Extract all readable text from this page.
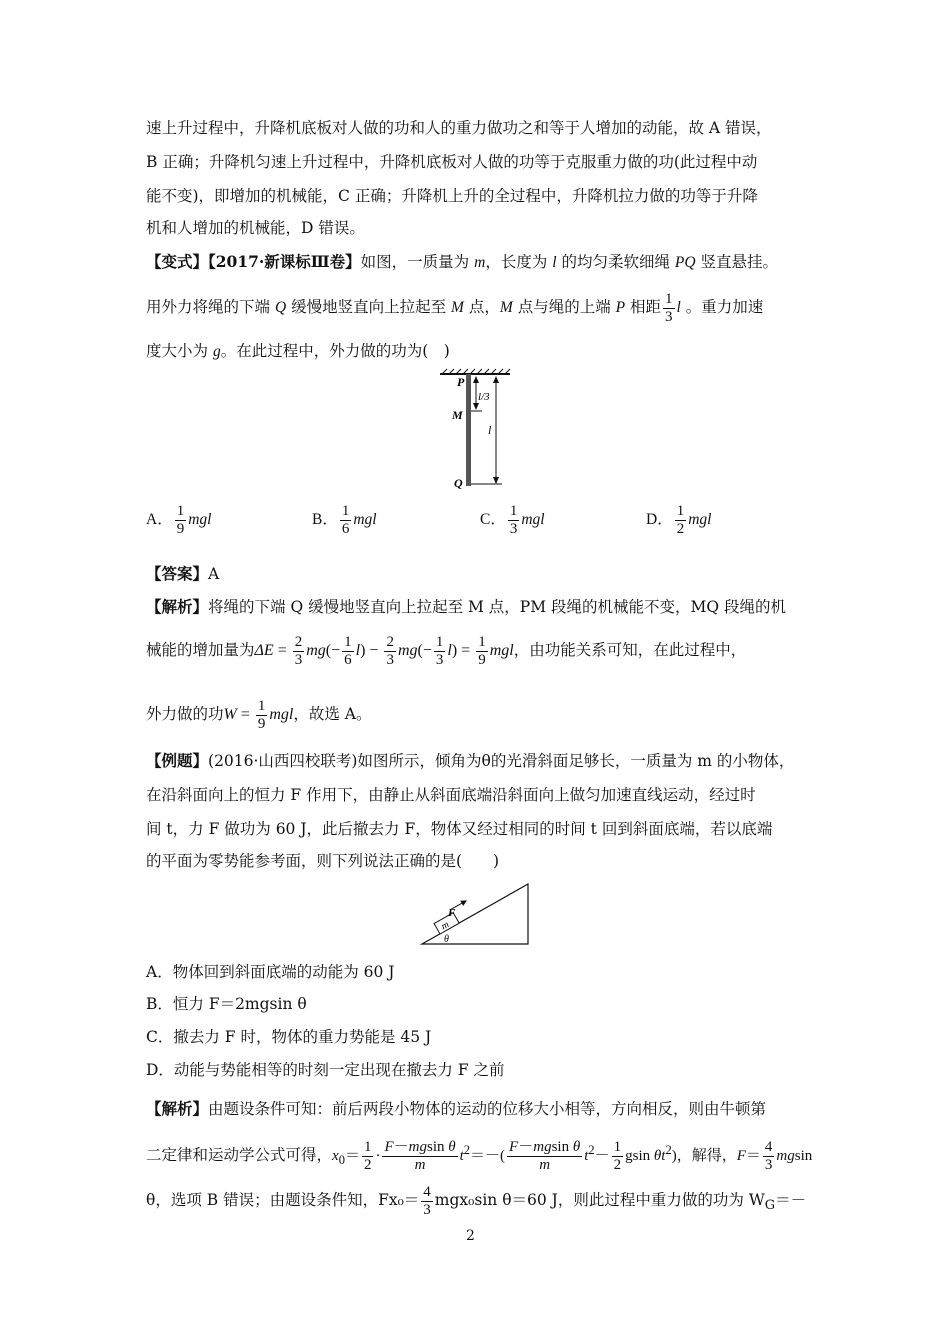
速上升过程中，升降机底板对人做的功和人的重力做功之和等于人增加的动能，故 A 错误，
B 正确；升降机匀速上升过程中，升降机底板对人做的功等于克服重力做的功(此过程中动
能不变)，即增加的机械能，C 正确；升降机上升的全过程中，升降机拉力做的功等于升降
机和人增加的机械能，D 错误。
【变式】【2017·新课标Ⅲ卷】如图，一质量为 m，长度为 l 的均匀柔软细绳 PQ 竖直悬挂。
用外力将绳的下端 Q 缓慢地竖直向上拉起至 M 点，M 点与绳的上端 P 相距 $\frac{1}{3}$ l 。重力加速
度大小为 g。在此过程中，外力做的功为(　)
P
M
Q
l/3
l
A． $\frac{1}{9}$ mgl	B． $\frac{1}{6}$ mgl	C． $\frac{1}{3}$ mgl	D． $\frac{1}{2}$ mgl
【答案】A
【解析】将绳的下端 Q 缓慢地竖直向上拉起至 M 点，PM 段绳的机械能不变，MQ 段绳的机
械能的增加量为$\Delta E = \frac{2}{3} mg(- \frac{1}{6} l) - \frac{2}{3} mg(- \frac{1}{3} l) = \frac{1}{9}$ mgl，由功能关系可知，在此过程中，
外力做的功$W = \frac{1}{9}$ mgl，故选 A。
【例题】(2016·山西四校联考)如图所示，倾角为θ的光滑斜面足够长，一质量为 m 的小物体，
在沿斜面向上的恒力 F 作用下，由静止从斜面底端沿斜面向上做匀加速直线运动，经过时
间 t，力 F 做功为 60 J，此后撤去力 F，物体又经过相同的时间 t 回到斜面底端，若以底端
的平面为零势能参考面，则下列说法正确的是(　　)
m
F
θ
A．物体回到斜面底端的动能为 60 J
B．恒力 F＝2mgsin θ
C．撤去力 F 时，物体的重力势能是 45 J
D．动能与势能相等的时刻一定出现在撤去力 F 之前
【解析】由题设条件可知：前后两段小物体的运动的位移大小相等，方向相反，则由牛顿第
二定律和运动学公式可得，$x_0= \frac{1}{2} \cdot \frac{\text{F－mgsin θ}}{m} t^2=-( \frac{\text{F－mgsin θ}}{m} t^2- \frac{1}{2}$ gsin $\theta t^2$)，解得，$F= \frac{4}{3}$ mgsin
θ，选项 B 错误；由题设条件知，$Fx_0= \frac{4}{3} mgx_0\sin$ θ＝60 J，则此过程中重力做的功为 $W_G=-$
2
